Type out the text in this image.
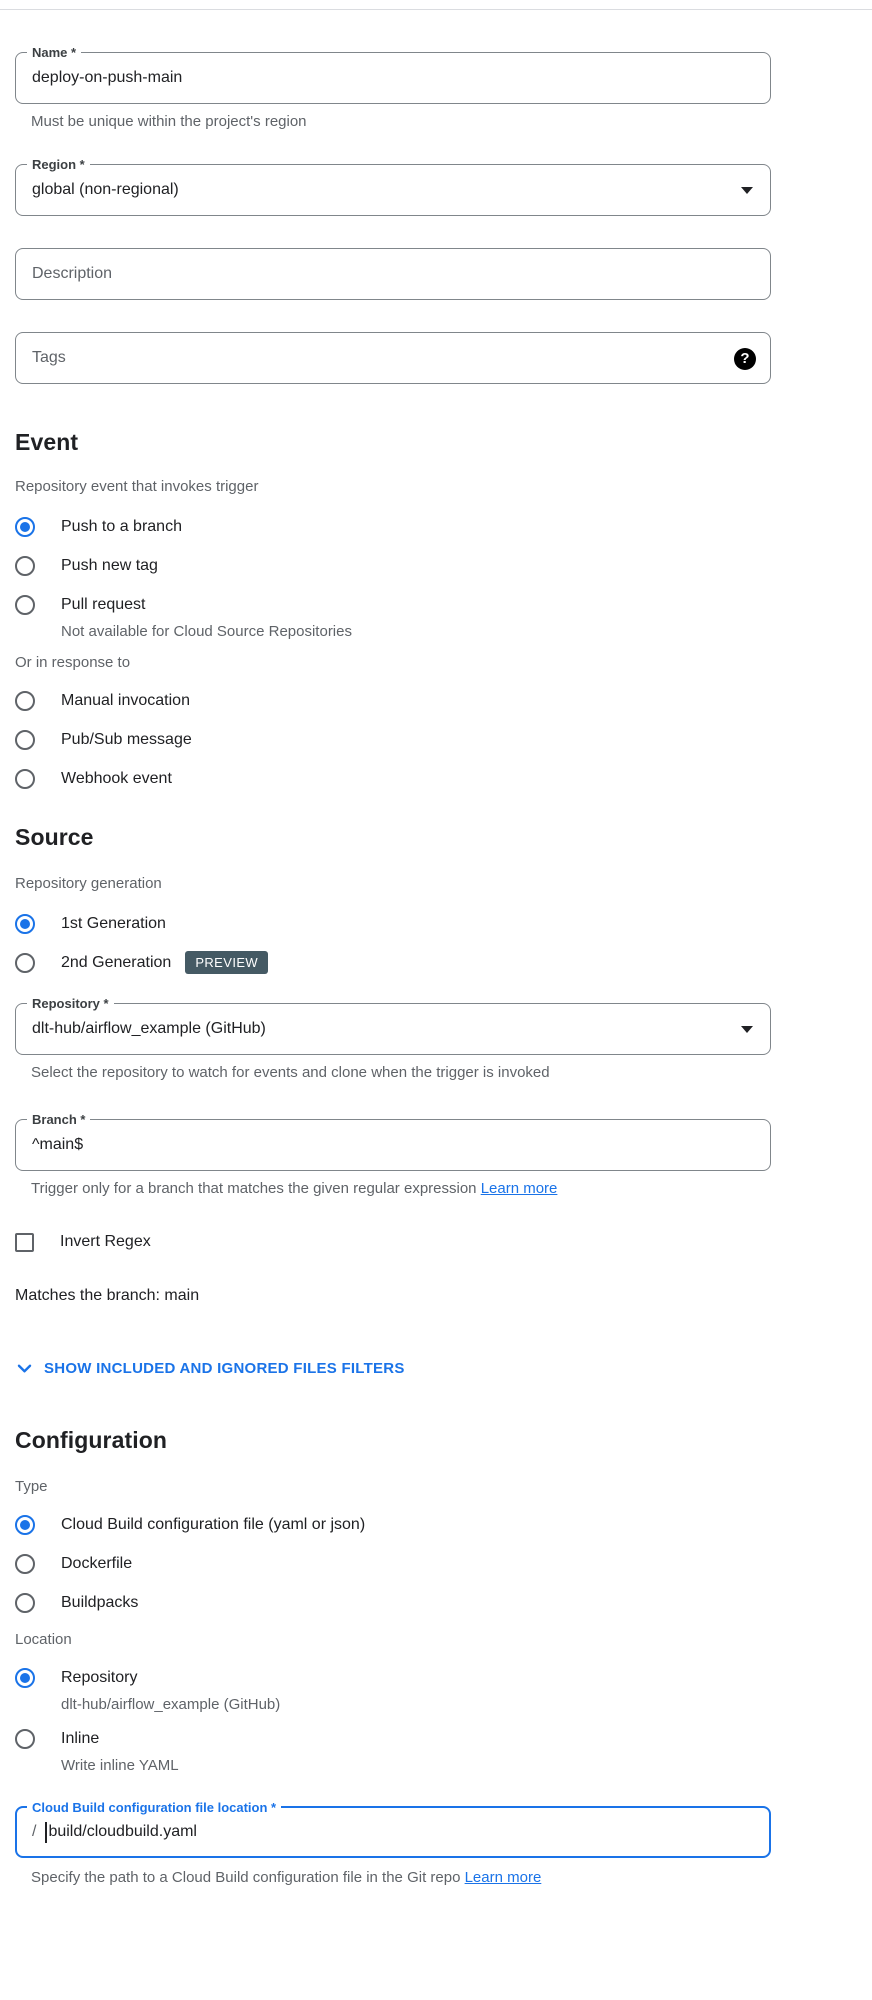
Name *
deploy-on-push-main
Must be unique within the project's region
Region *
global (non-regional)
Description
Tags
?
Event
Repository event that invokes trigger
Push to a branch
Push new tag
Pull request
Not available for Cloud Source Repositories
Or in response to
Manual invocation
Pub/Sub message
Webhook event
Source
Repository generation
1st Generation
2nd Generation	PREVIEW
Repository *
dlt-hub/airflow_example (GitHub)
Select the repository to watch for events and clone when the trigger is invoked
Branch *
^main$
Trigger only for a branch that matches the given regular expression Learn more
Invert Regex
Matches the branch: main
SHOW INCLUDED AND IGNORED FILES FILTERS
Configuration
Type
Cloud Build configuration file (yaml or json)
Dockerfile
Buildpacks
Location
Repository
dlt-hub/airflow_example (GitHub)
Inline
Write inline YAML
Cloud Build configuration file location *
/ build/cloudbuild.yaml
Specify the path to a Cloud Build configuration file in the Git repo Learn more
